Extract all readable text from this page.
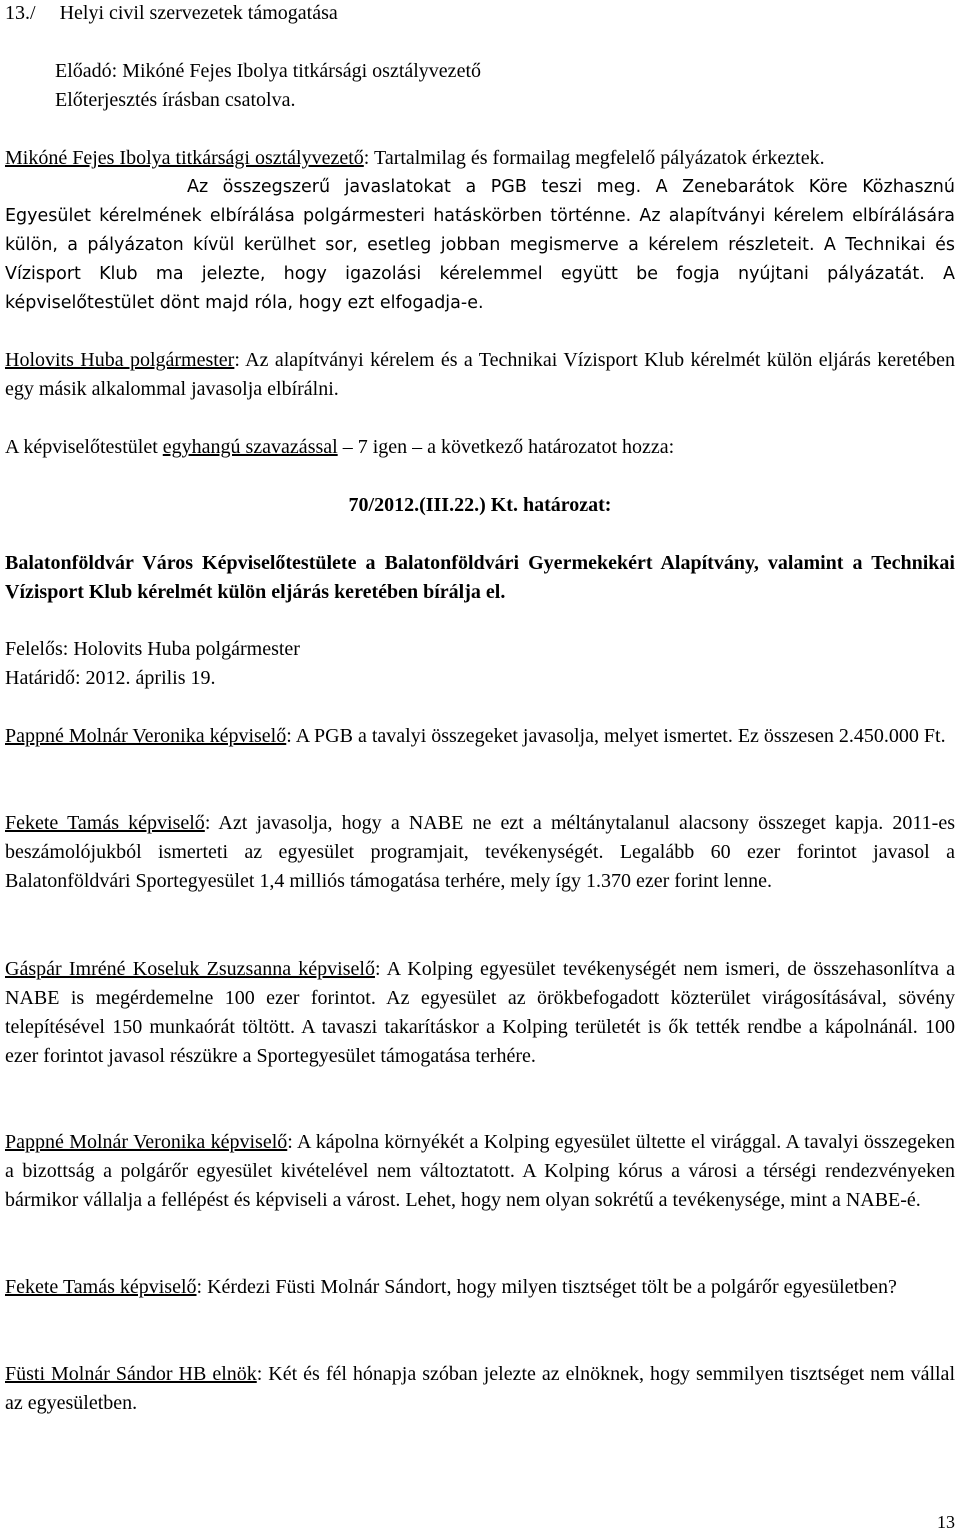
13./ Helyi civil szervezetek támogatása
Előadó: Mikóné Fejes Ibolya titkársági osztályvezető
Előterjesztés írásban csatolva.
Mikóné Fejes Ibolya titkársági osztályvezető: Tartalmilag és formailag megfelelő pályázatok érkeztek.
Az összegszerű javaslatokat a PGB teszi meg. A Zenebarátok Köre Közhasznú Egyesület kérelmének elbírálása polgármesteri hatáskörben történne. Az alapítványi kérelem elbírálására külön, a pályázaton kívül kerülhet sor, esetleg jobban megismerve a kérelem részleteit. A Technikai és Vízisport Klub ma jelezte, hogy igazolási kérelemmel együtt be fogja nyújtani pályázatát. A képviselőtestület dönt majd róla, hogy ezt elfogadja-e.
Holovits Huba polgármester: Az alapítványi kérelem és a Technikai Vízisport Klub kérelmét külön eljárás keretében egy másik alkalommal javasolja elbírálni.
A képviselőtestület egyhangú szavazással – 7 igen – a következő határozatot hozza:
70/2012.(III.22.) Kt. határozat:
Balatonföldvár Város Képviselőtestülete a Balatonföldvári Gyermekekért Alapítvány, valamint a Technikai Vízisport Klub kérelmét külön eljárás keretében bírálja el.
Felelős: Holovits Huba polgármester
Határidő: 2012. április 19.
Pappné Molnár Veronika képviselő: A PGB a tavalyi összegeket javasolja, melyet ismertet. Ez összesen 2.450.000 Ft.
Fekete Tamás képviselő: Azt javasolja, hogy a NABE ne ezt a méltánytalanul alacsony összeget kapja. 2011-es beszámolójukból ismerteti az egyesület programjait, tevékenységét. Legalább 60 ezer forintot javasol a Balatonföldvári Sportegyesület 1,4 milliós támogatása terhére, mely így 1.370 ezer forint lenne.
Gáspár Imréné Koseluk Zsuzsanna képviselő: A Kolping egyesület tevékenységét nem ismeri, de összehasonlítva a NABE is megérdemelne 100 ezer forintot. Az egyesület az örökbefogadott közterület virágosításával, sövény telepítésével 150 munkaórát töltött. A tavaszi takarításkor a Kolping területét is ők tették rendbe a kápolnánál. 100 ezer forintot javasol részükre a Sportegyesület támogatása terhére.
Pappné Molnár Veronika képviselő: A kápolna környékét a Kolping egyesület ültette el virággal. A tavalyi összegeken a bizottság a polgárőr egyesület kivételével nem változtatott. A Kolping kórus a városi a térségi rendezvényeken bármikor vállalja a fellépést és képviseli a várost. Lehet, hogy nem olyan sokrétű a tevékenysége, mint a NABE-é.
Fekete Tamás képviselő: Kérdezi Füsti Molnár Sándort, hogy milyen tisztséget tölt be a polgárőr egyesületben?
Füsti Molnár Sándor HB elnök: Két és fél hónapja szóban jelezte az elnöknek, hogy semmilyen tisztséget nem vállal az egyesületben.
13
